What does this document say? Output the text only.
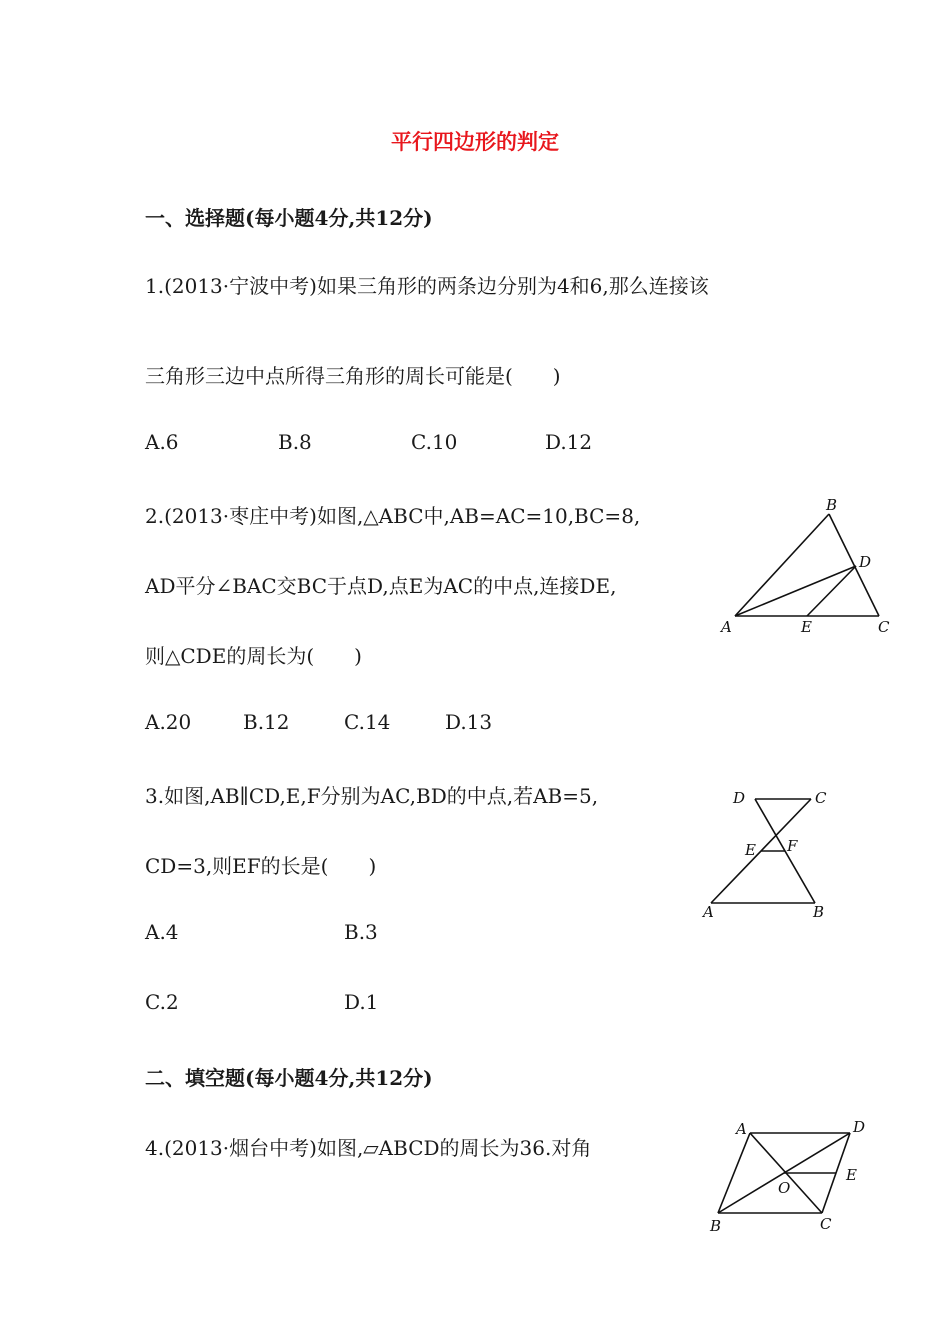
平行四边形的判定
一、选择题(每小题4分,共12分)
1.(2013·宁波中考)如果三角形的两条边分别为4和6,那么连接该
三角形三边中点所得三角形的周长可能是(　　)
A.6	B.8	C.10	D.12
2.(2013·枣庄中考)如图,△ABC中,AB=AC=10,BC=8,
AD平分∠BAC交BC于点D,点E为AC的中点,连接DE,
则△CDE的周长为(　　)
A.20	B.12	C.14	D.13
B
D
A	E	C
3.如图,AB∥CD,E,F分别为AC,BD的中点,若AB=5,
CD=3,则EF的长是(　　)
A.4	B.3
C.2	D.1
D	C
E F
A	B
二、填空题(每小题4分,共12分)
4.(2013·烟台中考)如图,▱ABCD的周长为36.对角
A	D
E
O
B	C
